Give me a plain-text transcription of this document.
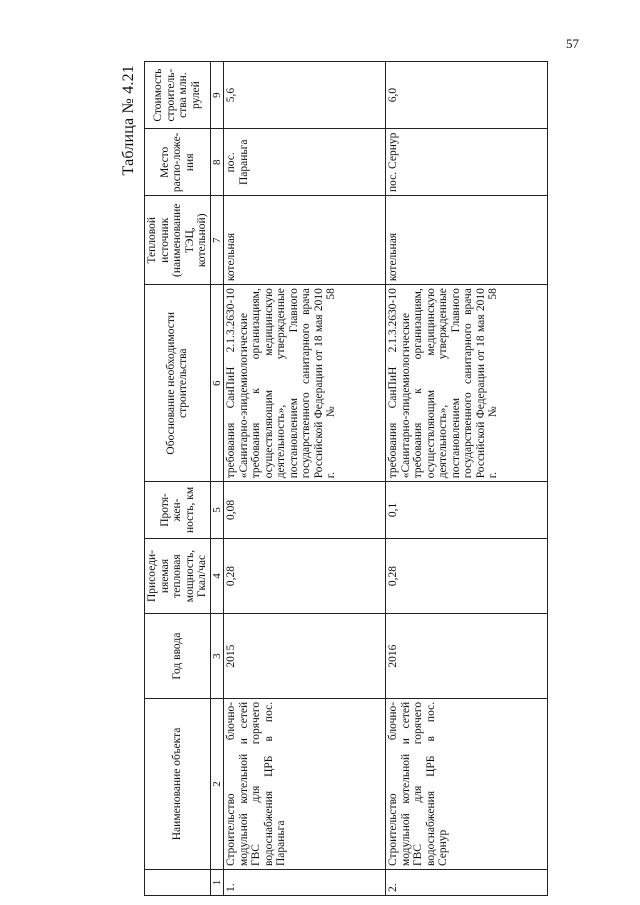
57
Таблица № 4.21
	Наименование объекта	Год ввода	Присоеди-няемая тепловая мощность, Гкал/час	Протя-жен-ность, км	Обоснование необходимости строительства	Тепловой источник (наименование ТЭЦ, котельной)	Место распо-ложе-ния	Стоимость строитель-ства млн. рулей
1	2	3	4	5	6	7	8	9
1.	Строительство блочно-модульной котельной и сетей ГВС для горячего водоснабжения ЦРБ в пос. Параньга	2015	0,28	0,08	требования СанПиН 2.1.3.2630-10 «Санитарно-эпидемиологические требования к организациям, осуществляющим медицинскую деятельность», утвержденные постановлением Главного государственного санитарного врача Российской Федерации от 18 мая 2010 г. № 58	котельная	пос. Параньга	5,6
2.	Строительство блочно-модульной котельной и сетей ГВС для горячего водоснабжения ЦРБ в пос. Сернур	2016	0,28	0,1	требования СанПиН 2.1.3.2630-10 «Санитарно-эпидемиологические требования к организациям, осуществляющим медицинскую деятельность», утвержденные постановлением Главного государственного санитарного врача Российской Федерации от 18 мая 2010 г. № 58	котельная	пос. Сернур	6,0
